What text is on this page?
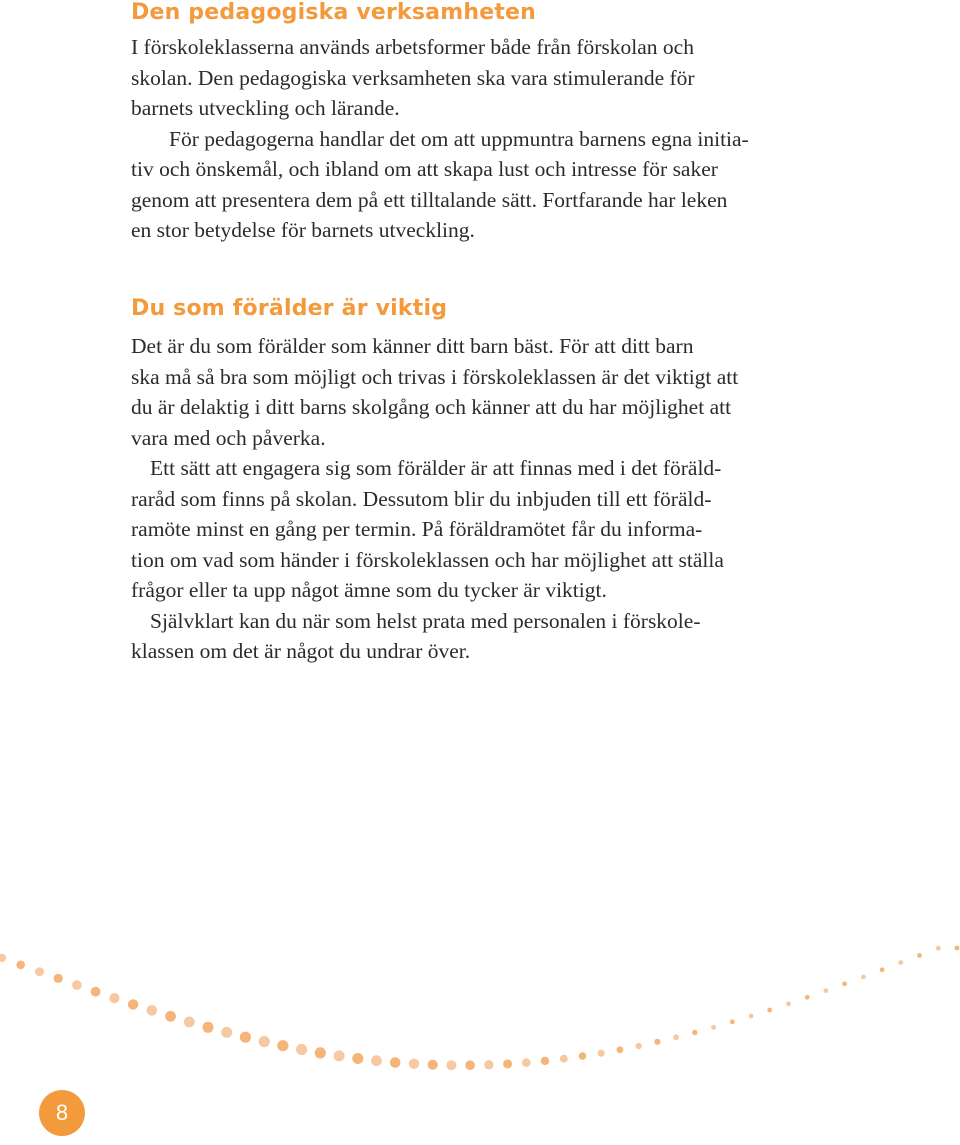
Den pedagogiska verksamheten

I förskoleklasserna används arbetsformer både från förskolan och
skolan. Den pedagogiska verksamheten ska vara stimulerande för
barnets utveckling och lärande.

För pedagogerna handlar det om att uppmuntra barnens egna initia-
tiv och önskemål, och ibland om att skapa lust och intresse för saker
genom att presentera dem på ett tilltalande sätt. Fortfarande har leken
en stor betydelse för barnets utveckling.

Du som förälder är viktig

Det är du som förälder som känner ditt barn bäst. För att ditt barn
ska må så bra som möjligt och trivas i förskoleklassen är det viktigt att
du är delaktig i ditt barns skolgång och känner att du har möjlighet att
vara med och påverka.

Ett sätt att engagera sig som förälder är att finnas med i det föräld-
raråd som finns på skolan. Dessutom blir du inbjuden till ett föräld-
ramöte minst en gång per termin. På föräldramötet får du informa-
tion om vad som händer i förskoleklassen och har möjlighet att ställa
frågor eller ta upp något ämne som du tycker är viktigt.

Självklart kan du när som helst prata med personalen i förskole-
klassen om det är något du undrar över.

8
